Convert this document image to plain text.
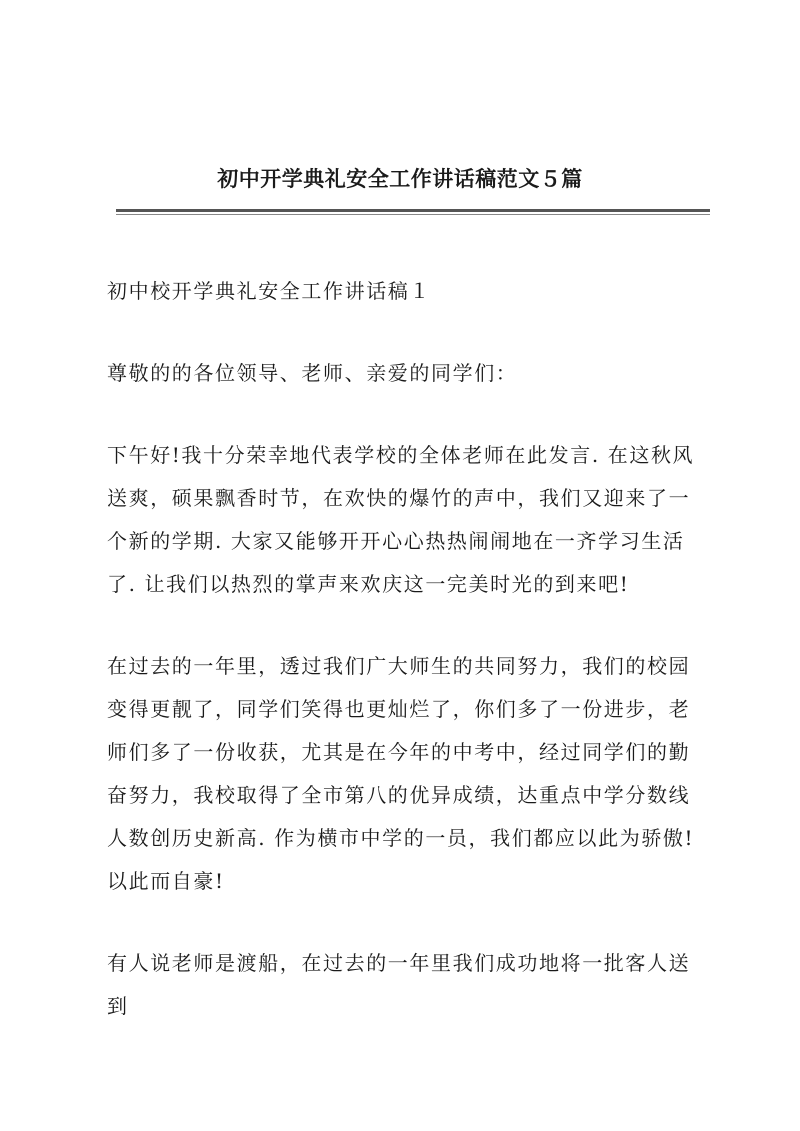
初中开学典礼安全工作讲话稿范文５篇

初中校开学典礼安全工作讲话稿１

尊敬的的各位领导、老师、亲爱的同学们：

下午好!我十分荣幸地代表学校的全体老师在此发言. 在这秋风送爽，硕果飘香时节，在欢快的爆竹的声中，我们又迎来了一个新的学期. 大家又能够开开心心热热闹闹地在一齐学习生活了. 让我们以热烈的掌声来欢庆这一完美时光的到来吧!

在过去的一年里，透过我们广大师生的共同努力，我们的校园变得更靓了，同学们笑得也更灿烂了，你们多了一份进步，老师们多了一份收获，尤其是在今年的中考中，经过同学们的勤奋努力，我校取得了全市第八的优异成绩，达重点中学分数线人数创历史新高. 作为横市中学的一员，我们都应以此为骄傲!以此而自豪!

有人说老师是渡船，在过去的一年里我们成功地将一批客人送到
